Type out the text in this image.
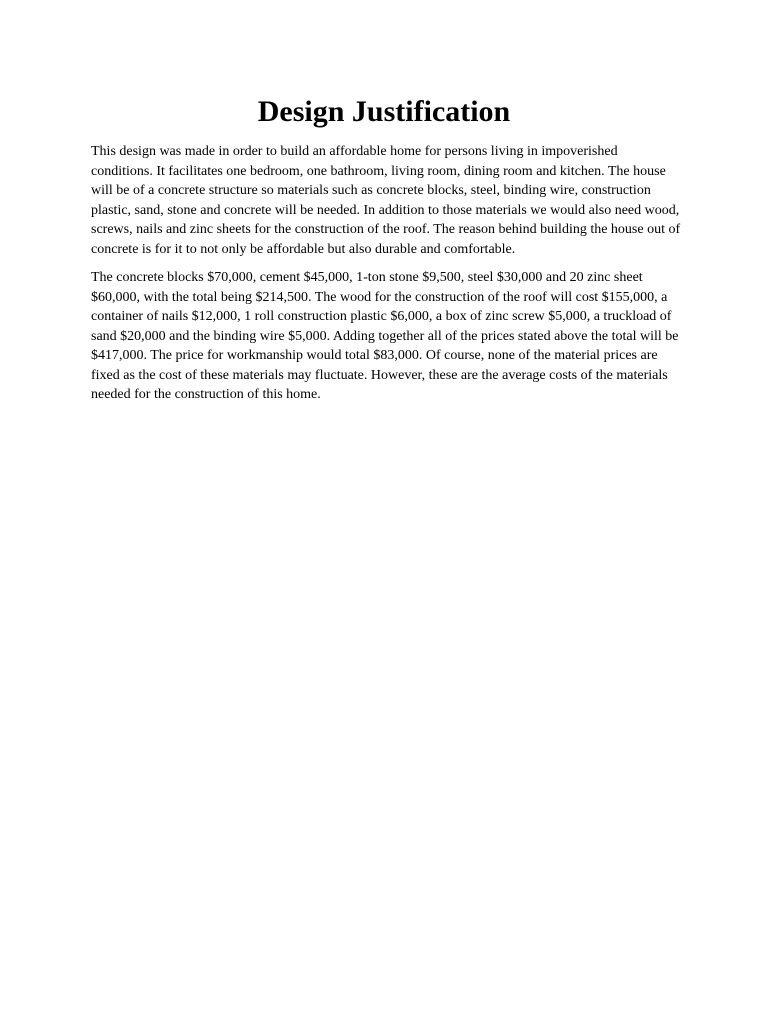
Design Justification

This design was made in order to build an affordable home for persons living in impoverished conditions. It facilitates one bedroom, one bathroom, living room, dining room and kitchen. The house will be of a concrete structure so materials such as concrete blocks, steel, binding wire, construction plastic, sand, stone and concrete will be needed. In addition to those materials we would also need wood, screws, nails and zinc sheets for the construction of the roof. The reason behind building the house out of concrete is for it to not only be affordable but also durable and comfortable.

The concrete blocks $70,000, cement $45,000, 1-ton stone $9,500, steel $30,000 and 20 zinc sheet $60,000, with the total being $214,500. The wood for the construction of the roof will cost $155,000, a container of nails $12,000, 1 roll construction plastic $6,000, a box of zinc screw $5,000, a truckload of sand $20,000 and the binding wire $5,000. Adding together all of the prices stated above the total will be $417,000. The price for workmanship would total $83,000. Of course, none of the material prices are fixed as the cost of these materials may fluctuate. However, these are the average costs of the materials needed for the construction of this home.
